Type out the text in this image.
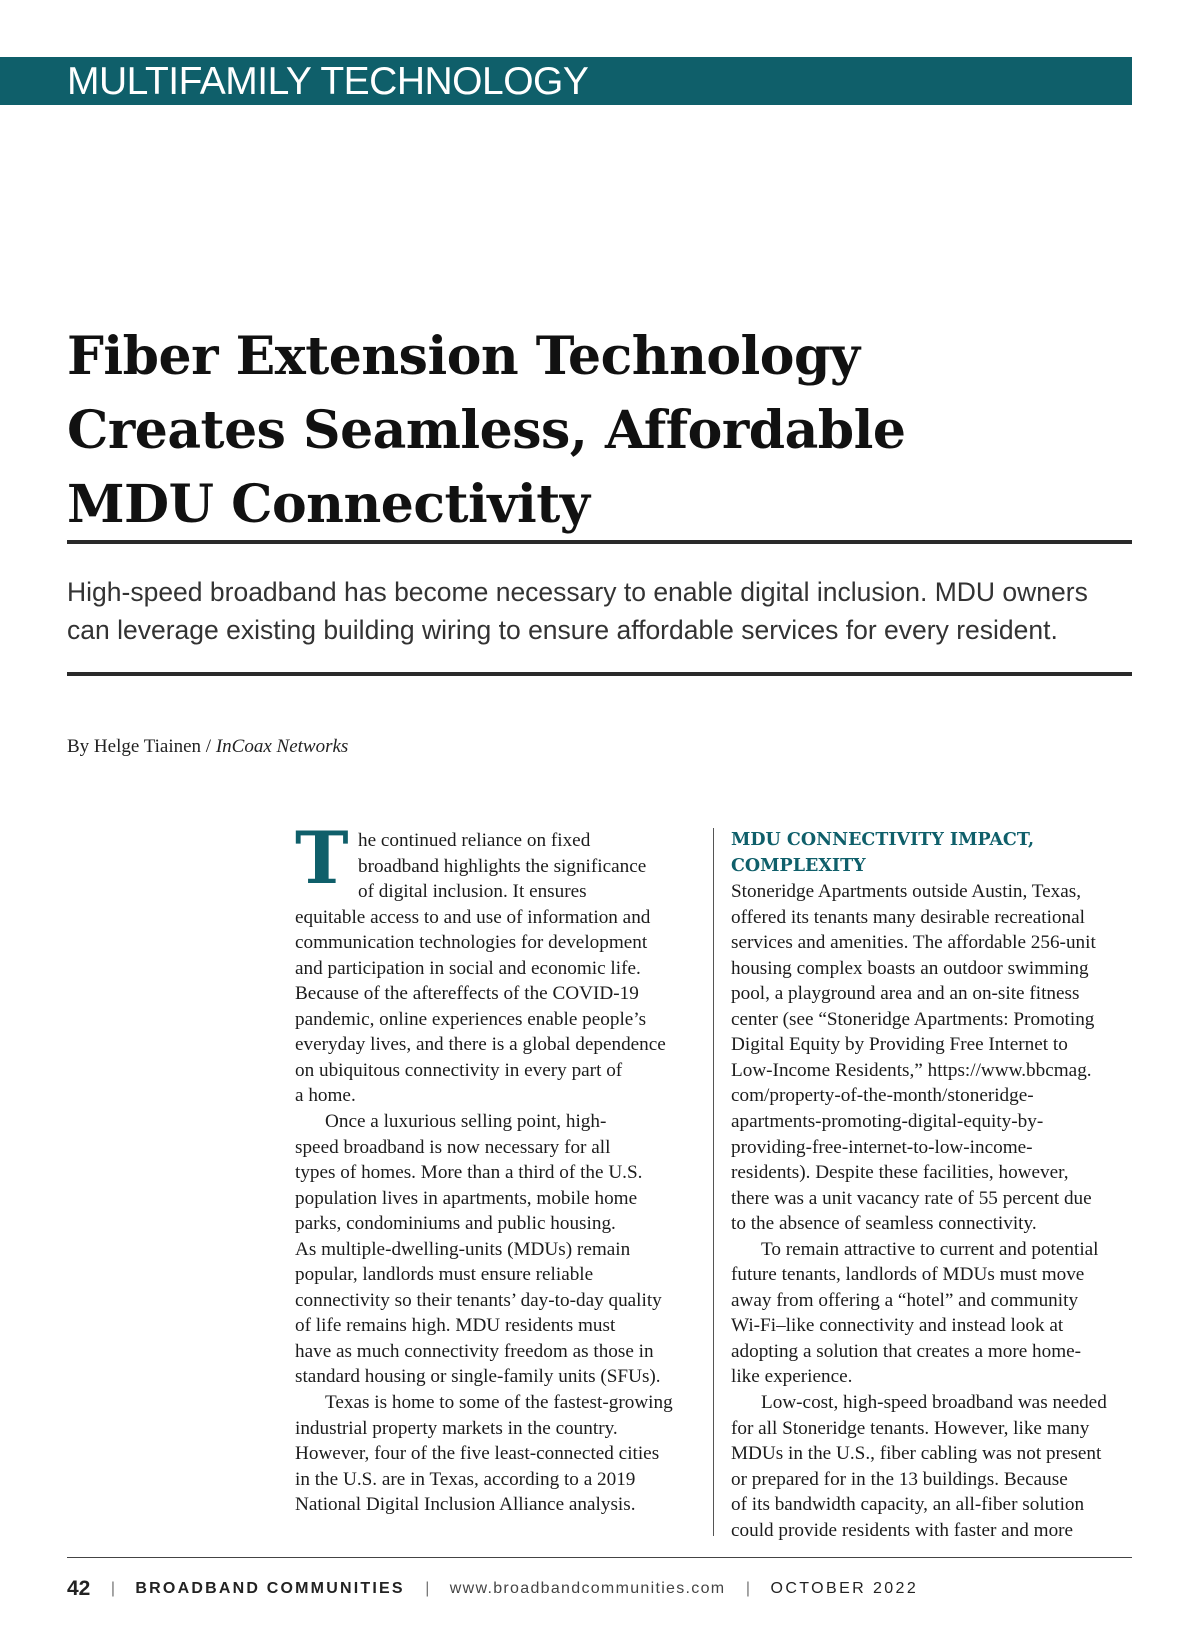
MULTIFAMILY TECHNOLOGY
Fiber Extension Technology
Creates Seamless, Affordable
MDU Connectivity

High-speed broadband has become necessary to enable digital inclusion. MDU owners
can leverage existing building wiring to ensure affordable services for every resident.

By Helge Tiainen / InCoax Networks
T he continued reliance on fixed
broadband highlights the significance
of digital inclusion. It ensures
equitable access to and use of information and
communication technologies for development
and participation in social and economic life.
Because of the aftereffects of the COVID-19
pandemic, online experiences enable people’s
everyday lives, and there is a global dependence
on ubiquitous connectivity in every part of
a home.
Once a luxurious selling point, high-
speed broadband is now necessary for all
types of homes. More than a third of the U.S.
population lives in apartments, mobile home
parks, condominiums and public housing.
As multiple-dwelling-units (MDUs) remain
popular, landlords must ensure reliable
connectivity so their tenants’ day-to-day quality
of life remains high. MDU residents must
have as much connectivity freedom as those in
standard housing or single-family units (SFUs).
Texas is home to some of the fastest-growing
industrial property markets in the country.
However, four of the five least-connected cities
in the U.S. are in Texas, according to a 2019
National Digital Inclusion Alliance analysis.
MDU CONNECTIVITY IMPACT,
COMPLEXITY
Stoneridge Apartments outside Austin, Texas,
offered its tenants many desirable recreational
services and amenities. The affordable 256-unit
housing complex boasts an outdoor swimming
pool, a playground area and an on-site fitness
center (see “Stoneridge Apartments: Promoting
Digital Equity by Providing Free Internet to
Low-Income Residents,” https://www.bbcmag.
com/property-of-the-month/stoneridge-
apartments-promoting-digital-equity-by-
providing-free-internet-to-low-income-
residents). Despite these facilities, however,
there was a unit vacancy rate of 55 percent due
to the absence of seamless connectivity.
To remain attractive to current and potential
future tenants, landlords of MDUs must move
away from offering a “hotel” and community
Wi-Fi–like connectivity and instead look at
adopting a solution that creates a more home-
like experience.
Low-cost, high-speed broadband was needed
for all Stoneridge tenants. However, like many
MDUs in the U.S., fiber cabling was not present
or prepared for in the 13 buildings. Because
of its bandwidth capacity, an all-fiber solution
could provide residents with faster and more
42 | BROADBAND COMMUNITIES | www.broadbandcommunities.com | OCTOBER 2022
